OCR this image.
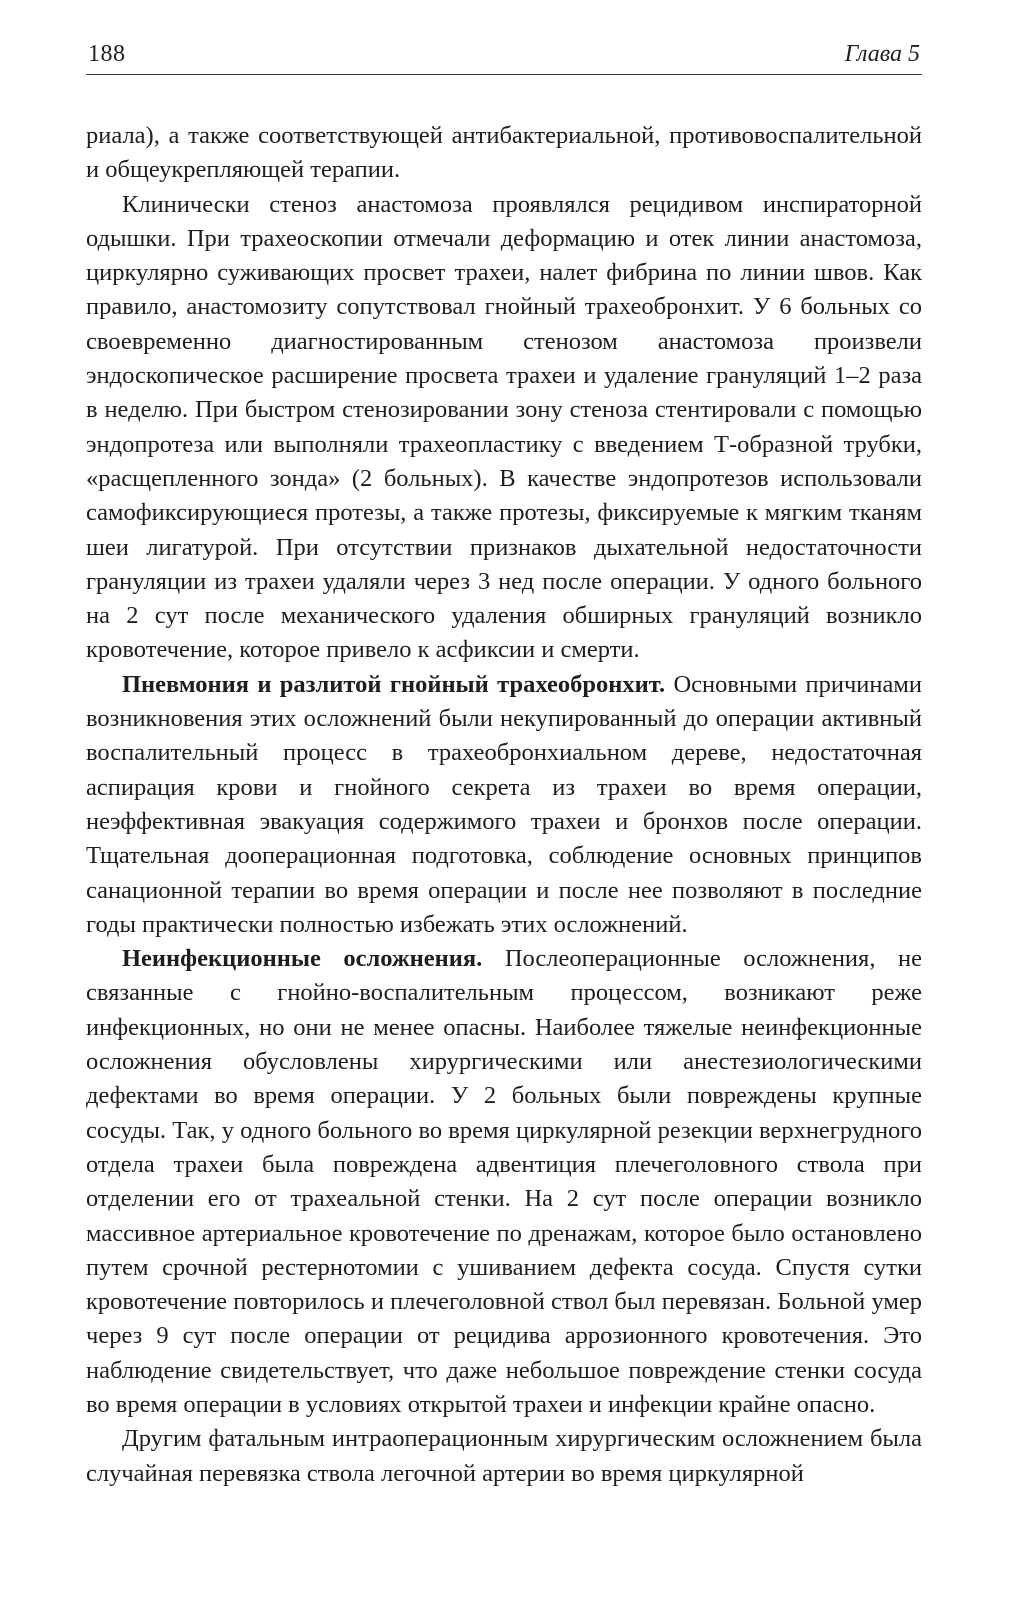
188	Глава 5

риала), а также соответствующей антибактериальной, противовоспалительной и общеукрепляющей терапии.

Клинически стеноз анастомоза проявлялся рецидивом инспираторной одышки. При трахеоскопии отмечали деформацию и отек линии анастомоза, циркулярно суживающих просвет трахеи, налет фибрина по линии швов. Как правило, анастомозиту сопутствовал гнойный трахеобронхит. У 6 больных со своевременно диагностированным стенозом анастомоза произвели эндоскопическое расширение просвета трахеи и удаление грануляций 1–2 раза в неделю. При быстром стенозировании зону стеноза стентировали с помощью эндопротеза или выполняли трахеопластику с введением Т-образной трубки, «расщепленного зонда» (2 больных). В качестве эндопротезов использовали самофиксирующиеся протезы, а также протезы, фиксируемые к мягким тканям шеи лигатурой. При отсутствии признаков дыхательной недостаточности грануляции из трахеи удаляли через 3 нед после операции. У одного больного на 2 сут после механического удаления обширных грануляций возникло кровотечение, которое привело к асфиксии и смерти.

Пневмония и разлитой гнойный трахеобронхит. Основными причинами возникновения этих осложнений были некупированный до операции активный воспалительный процесс в трахеобронхиальном дереве, недостаточная аспирация крови и гнойного секрета из трахеи во время операции, неэффективная эвакуация содержимого трахеи и бронхов после операции. Тщательная дооперационная подготовка, соблюдение основных принципов санационной терапии во время операции и после нее позволяют в последние годы практически полностью избежать этих осложнений.

Неинфекционные осложнения. Послеоперационные осложнения, не связанные с гнойно-воспалительным процессом, возникают реже инфекционных, но они не менее опасны. Наиболее тяжелые неинфекционные осложнения обусловлены хирургическими или анестезиологическими дефектами во время операции. У 2 больных были повреждены крупные сосуды. Так, у одного больного во время циркулярной резекции верхнегрудного отдела трахеи была повреждена адвентиция плечеголовного ствола при отделении его от трахеальной стенки. На 2 сут после операции возникло массивное артериальное кровотечение по дренажам, которое было остановлено путем срочной рестернотомии с ушиванием дефекта сосуда. Спустя сутки кровотечение повторилось и плечеголовной ствол был перевязан. Больной умер через 9 сут после операции от рецидива аррозионного кровотечения. Это наблюдение свидетельствует, что даже небольшое повреждение стенки сосуда во время операции в условиях открытой трахеи и инфекции крайне опасно.

Другим фатальным интраоперационным хирургическим осложнением была случайная перевязка ствола легочной артерии во время циркулярной
